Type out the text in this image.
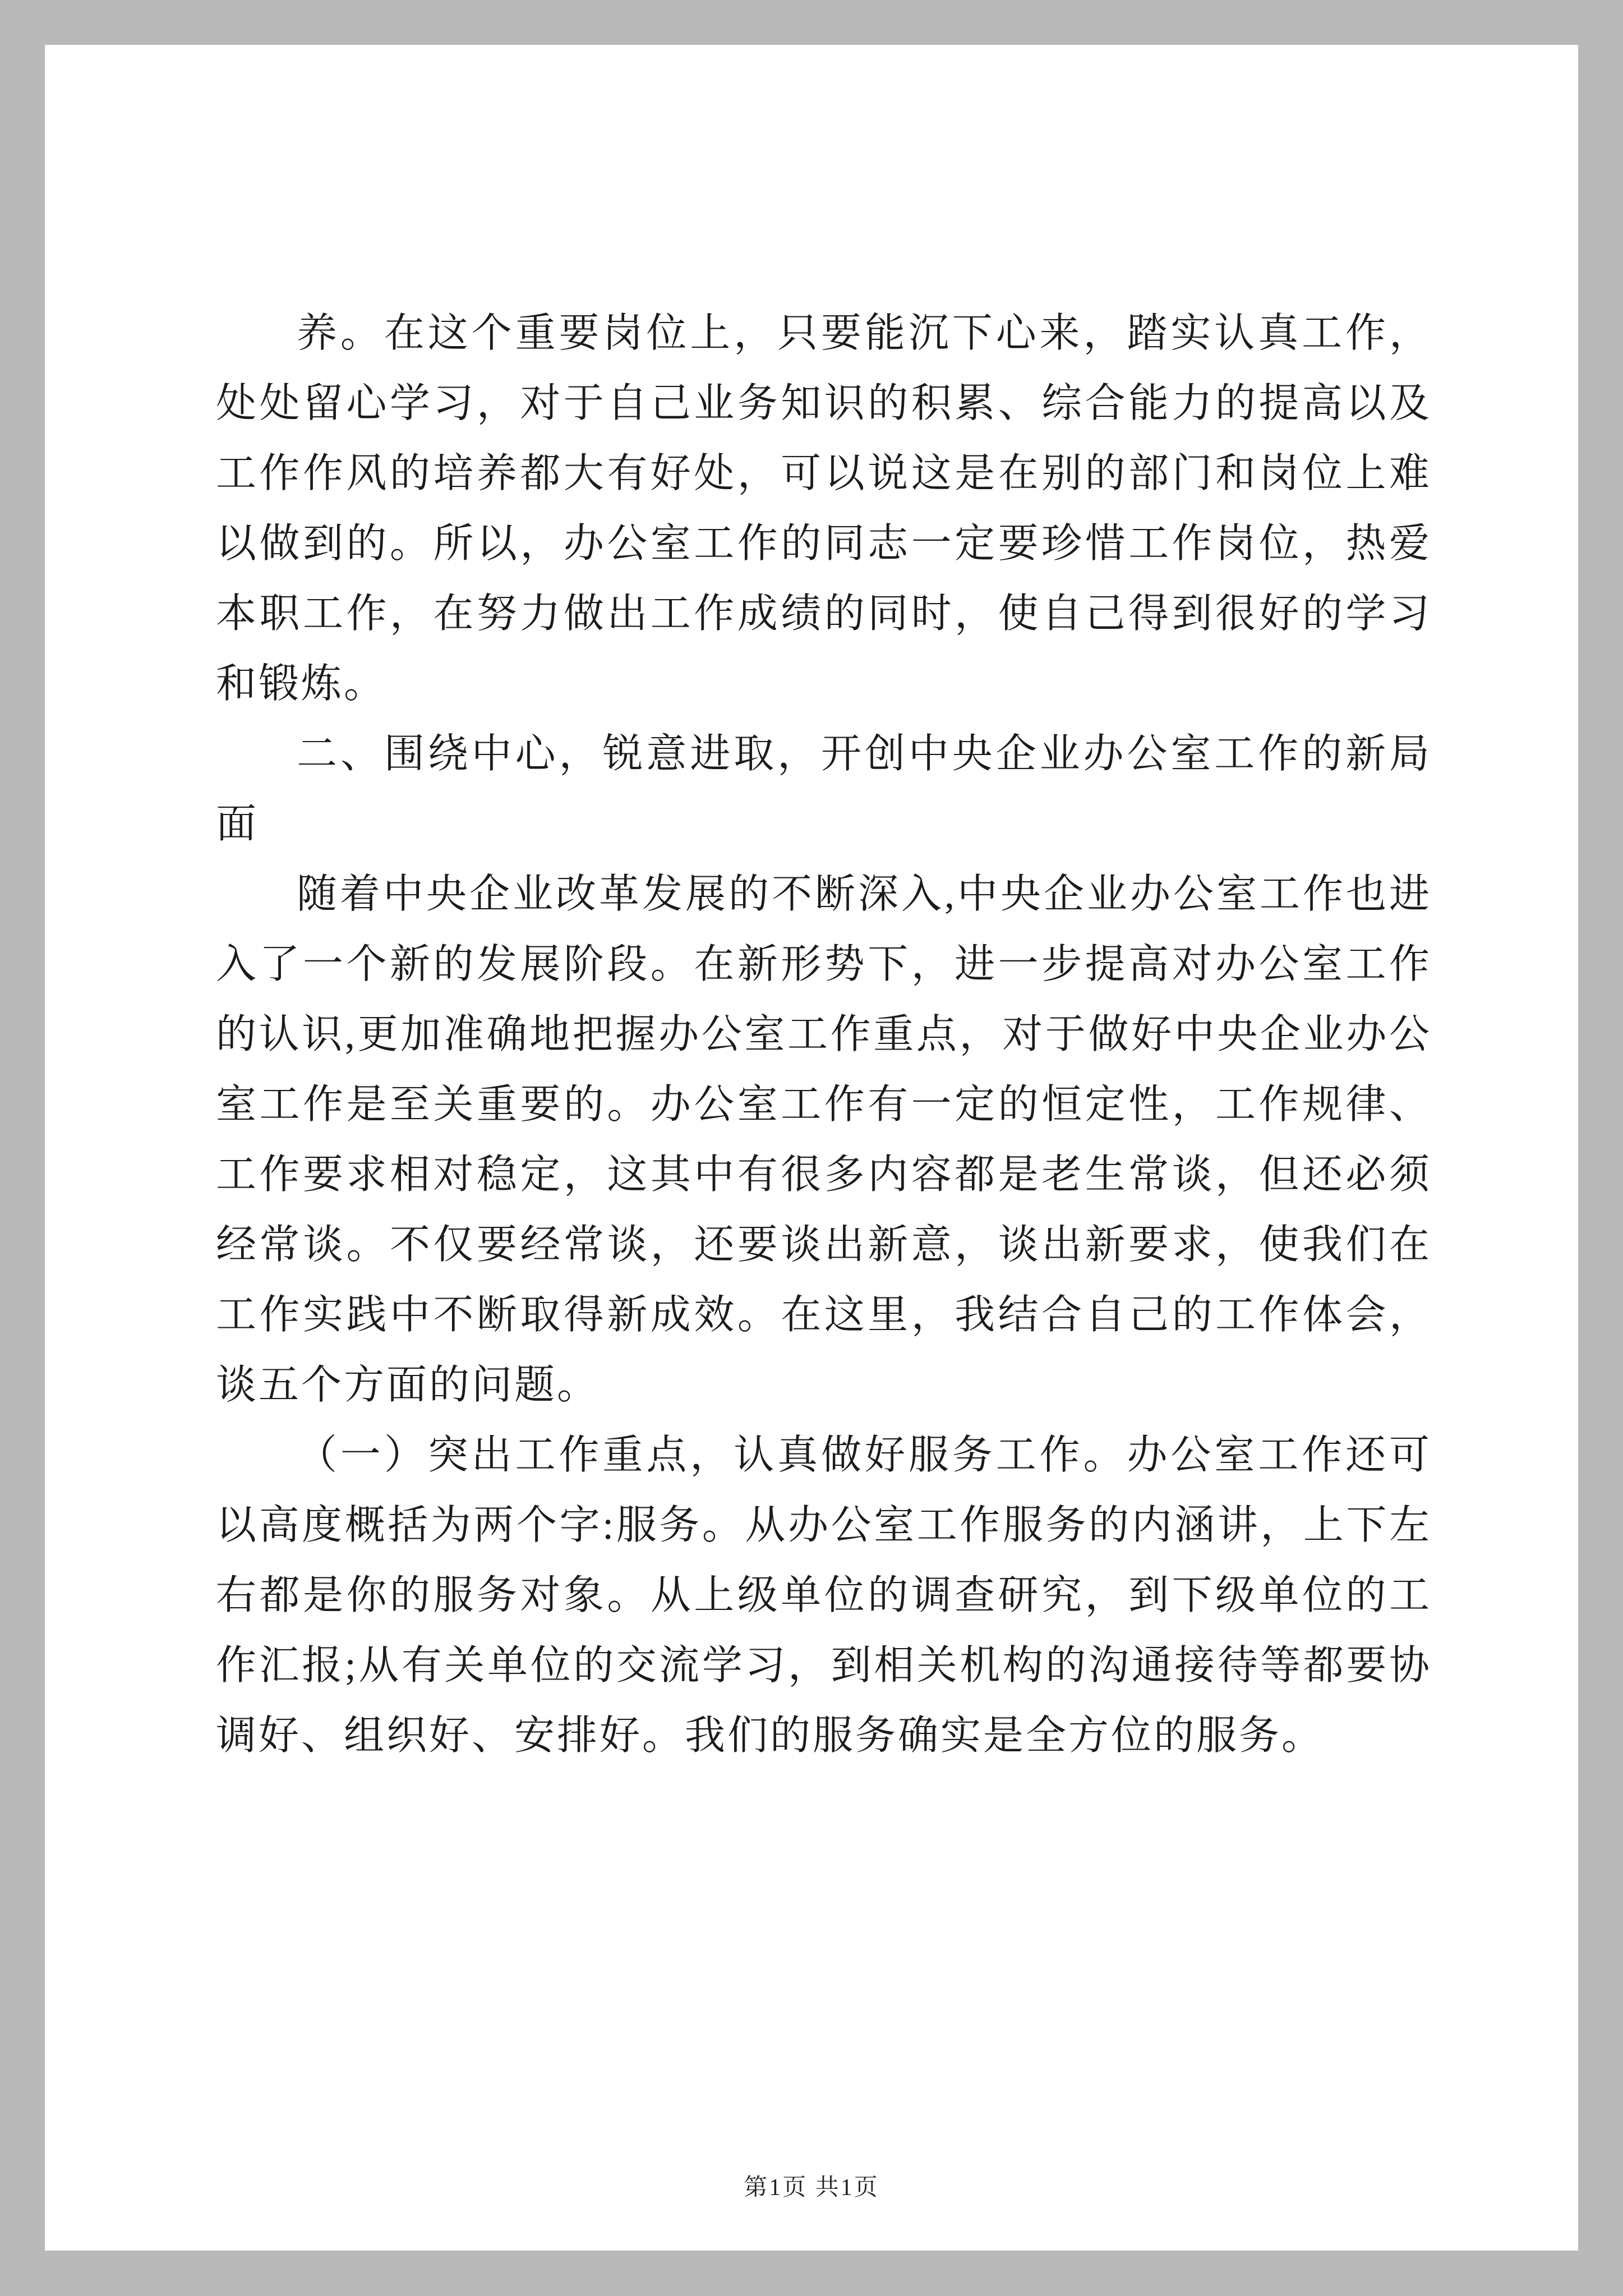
养。在这个重要岗位上，只要能沉下心来，踏实认真工作，处处留心学习，对于自己业务知识的积累、综合能力的提高以及工作作风的培养都大有好处，可以说这是在别的部门和岗位上难以做到的。所以，办公室工作的同志一定要珍惜工作岗位，热爱本职工作，在努力做出工作成绩的同时，使自己得到很好的学习和锻炼。

二、围绕中心，锐意进取，开创中央企业办公室工作的新局面

随着中央企业改革发展的不断深入,中央企业办公室工作也进入了一个新的发展阶段。在新形势下，进一步提高对办公室工作的认识,更加准确地把握办公室工作重点，对于做好中央企业办公室工作是至关重要的。办公室工作有一定的恒定性，工作规律、工作要求相对稳定，这其中有很多内容都是老生常谈，但还必须经常谈。不仅要经常谈，还要谈出新意，谈出新要求，使我们在工作实践中不断取得新成效。在这里，我结合自己的工作体会，谈五个方面的问题。

（一）突出工作重点，认真做好服务工作。办公室工作还可以高度概括为两个字:服务。从办公室工作服务的内涵讲，上下左右都是你的服务对象。从上级单位的调查研究，到下级单位的工作汇报;从有关单位的交流学习，到相关机构的沟通接待等都要协调好、组织好、安排好。我们的服务确实是全方位的服务。

第1页 共1页
